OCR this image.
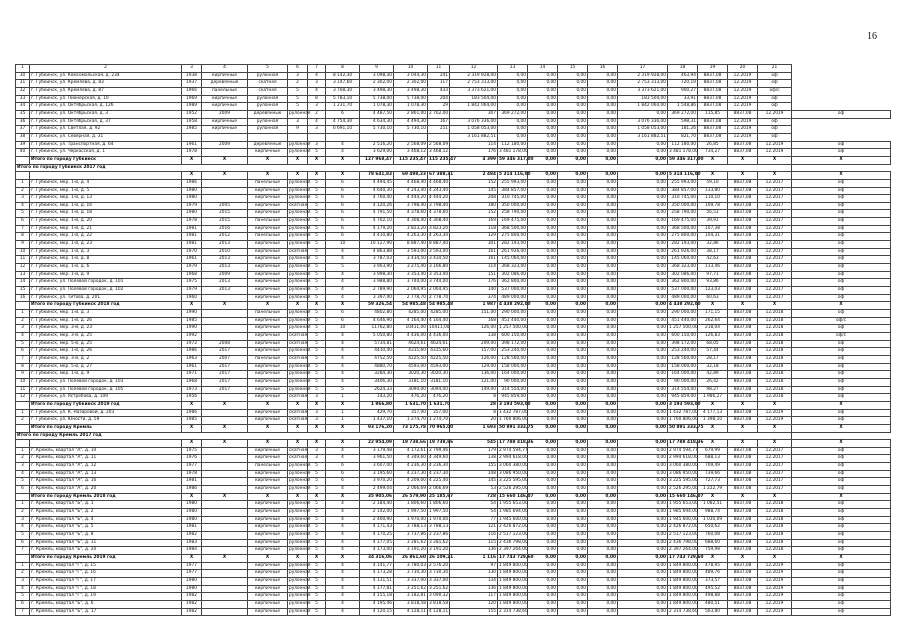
16
1	2	3	4	5	6	7	8	9	10	11	12	13	14	15	16	17	18	19	20	21	
30	г. Губкинск, ул. Комсомольская, д. 234	1938	кирпичные	рулонная	3	4	8 142,30	3 098,30	3 044,30	241	2 319 928,00	0,00	0,00	0,00	0,00	2 319 928,00	463,94	8837,08	12.2019	оф	
31	г. Губкинск, ул. Кремлева, д. 83	1937	деревянные	скатная	2	3	3 147,60	2 302,00	2 302,00	117	2 753 313,00	0,00	0,00	0,00	0,00	2 753 313,00	720,19	8837,08	12.2019	оф	
32	г. Губкинск, ул. Кремлева, д. 87	1966	панельные	скатная	5	4	3 708,30	3 498,30	3 498,30	433	3 373 621,00	0,00	0,00	0,00	0,00	3 373 621,00	900,27	8837,08	12.2019	оф/с	
33	г. Губкинск, ул. Пионерская, д. 10	1969	кирпичные	рулонная	5	8	5 783,10	5 738,00	5 738,00	204	183 504,00	0,00	0,00	0,00	0,00	183 504,00	33,91	8837,08	12.2019	оф	
34	г. Губкинск, ул. Октябрьская, д. 126	1989	кирпичные	рулонная	5	3	1 231,70	1 078,30	1 078,30	29	1 842 064,00	0,00	0,00	0,00	0,00	1 842 064,00	1 548,86	8837,08	12.2019	оф	
35	г. Губкинск, ул. Октябрьская, д. 3	1952	2009	деревянные	рулонная	2	6	4 487,50	2 861,00	2 762,00	307	369 272,00	0,00	0,00	0,00	0,00	369 272,00	115,85	8837,08	12.2019	оф
36	г. Губкинск, ул. Октябрьская, д. 37	1958	кирпичные	рулонная	3	4	4 754,30	4 634,30	4 494,30	167	3 076 336,00	0,00	0,00	0,00	0,00	3 076 336,00	598,31	8837,08	12.2019	оф	
37	г. Губкинск, ул. Светлая, д. 92	1985	кирпичные	рулонная	9	3	6 691,10	5 730,10	5 730,10	251	1 058 053,00	0,00	0,00	0,00	0,00	1 058 053,00	181,26	8837,08	12.2019	оф	
38	г. Губкинск, ул. Северная, д. 31										3 161 882,51	0,00	0,00	0,00	0,00	3 161 882,51	821,70	8837,08	12.2019	оф	
39	г. Губкинск, ул. Транспортная, д. 64	1961	2009	деревянные	рулонная	3	4	2 516,20	2 568,09	2 568,09	114	112 180,00	0,00	0,00	0,00	0,00	112 180,00	26,85	8837,08	12.2019	оф
40	г. Губкинск, ул. Черкасская, д. 1	1978		кирпичные	рулонная	5	4	3 629,00	3 468,12	3 468,12	176	3 481 178,00	0,00	0,00	0,00	0,00	3 481 178,00	734,27	8837,08	12.2019	оф
	Итого по городу Губкинск	X	X	X	X	X	X	127 968,47	115 235,47	115 235,47	4 399	59 346 317,00	0,00	0,00	0,00	0,00	59 346 317,00	X	X	X	X
Итого по городу Губкинск 2017 год																					
		X	X	X	X	X	X	78 641,83	69 498,23	67 388,31	2 484	5 314 116,00	0,00	0,00	0,00	0,00	5 314 116,00	X	X	X	X
1	г. Губкинск, мкр. 1-й, д. 4	1986		панельные	рулонная	5	6	4 494,45	4 468,40	4 468,40	152	255 993,00	0,00	0,00	0,00	0,00	255 993,00	59,10	8837,08	12.2017	оф
2	г. Губкинск, мкр. 1-й, д. 5	1980		кирпичные	рулонная	5	6	4 640,30	4 243,40	4 243,40	145	384 857,00	0,00	0,00	0,00	0,00	384 857,00	133,80	8837,08	12.2017	оф
3	г. Губкинск, мкр. 1-й, д. 13	1980		кирпичные	рулонная	5	6	4 760,40	4 444,20	4 444,20	208	310 745,00	0,00	0,00	0,00	0,00	310 745,00	110,10	8837,08	12.2017	оф
4	г. Губкинск, мкр. 1-й, д. 16	1979	2005	кирпичные	скатная	5	6	4 120,26	3 798,40	3 798,40	180	350 000,00	0,00	0,00	0,00	0,00	350 000,00	109,78	8837,08	12.2017	оф
5	г. Губкинск, мкр. 1-й, д. 18	1980	2015	кирпичные	рулонная	5	6	4 791,50	4 378,60	4 378,60	152	258 790,00	0,00	0,00	0,00	0,00	258 790,00	56,53	8837,08	12.2017	оф
6	г. Губкинск, мкр. 1-й, д. 20	1978	2015	панельные	рулонная	5	6	4 702,10	4 308,40	4 308,40	169	169 475,00	0,00	0,00	0,00	0,00	169 475,00	39,91	8837,08	12.2017	оф
7	г. Губкинск, мкр. 1-й, д. 21	1981	2016	кирпичные	рулонная	5	6	4 179,20	3 823,20	3 823,20	118	368 500,00	0,00	0,00	0,00	0,00	368 500,00	107,38	8837,08	12.2017	оф
8	г. Губкинск, мкр. 1-й, д. 22	1981	2012	панельные	рулонная	5	6	4 410,80	4 263,30	4 263,30	129	275 800,00	0,00	0,00	0,00	0,00	275 800,00	104,31	8837,08	12.2017	оф
9	г. Губкинск, мкр. 1-й, д. 23	1981	2013	кирпичные	рулонная	5	10	10 127,90	8 887,40	8 887,40	301	282 193,00	0,00	0,00	0,00	0,00	282 193,00	32,86	8837,08	12.2017	оф
10	г. Губкинск, мкр. 1-й, д. 3	1970	2010	кирпичные	скатная	5	4	4 863,88	3 593,00	3 593,00	161	261 926,00	0,00	0,00	0,00	0,00	261 926,00	38,17	8837,08	12.2017	оф
11	г. Губкинск, мкр. 1-й, д. 8	1961	2013	кирпичные	рулонная	5	4	3 787,03	3 434,50	3 434,50	161	145 060,00	0,00	0,00	0,00	0,00	145 060,00	42,63	8837,08	12.2017	оф
12	г. Губкинск, мкр. 1-й, д. 6	1979	2013	кирпичные	рулонная	5	5	3 903,90	3 275,40	3 166,80	114	368 323,00	0,00	0,00	0,00	0,00	368 323,00	113,46	8837,08	12.2017	оф
13	г. Губкинск, мкр. 1-й, д. 9	1968	2009	кирпичные	рулонная	5	4	3 998,30	3 353,40	3 353,40	151	302 086,00	0,00	0,00	0,00	0,00	302 086,00	97,71	8837,08	12.2017	оф
14	г. Губкинск, ул. Полевой городок, д. 101	1975	2013	кирпичные	рулонная	5	4	3 988,80	3 744,00	3 744,00	176	362 800,00	0,00	0,00	0,00	0,00	362 800,00	93,86	8837,08	12.2017	оф
15	г. Губкинск, ул. Полевой городок, д. 102	1979	2013	кирпичные	рулонная	5	4	2 789,90	2 064,95	2 064,95	140	537 000,00	0,00	0,00	0,00	0,00	537 000,00	123,03	8837,08	12.2017	оф
16	г. Губкинск, ул. Титова, д. 201	1960		кирпичные	рулонная	5	4	3 397,40	2 778,70	2 778,70	374	489 000,00	0,00	0,00	0,00	0,00	489 000,00	60,63	8837,08	12.2017	оф
	Итого по городу Губкинск 2018 год	X	X	X	X	X	X	59 326,54	54 985,48	54 985,48	1 987	4 438 292,00	0,00	0,00	0,00	0,00	4 438 292,00	X	X	X	X
1	г. Губкинск, мкр. 1-й, д. 3	1990		панельные	рулонная	5	6	4802,80	4285,00	4285,00	151,00	290 000,00	0,00	0,00	0,00	0,00	290 000,00	171,15	8837,08	12.2018	оф
2	г. Губкинск, мкр. 1-й, д. 26	1985		кирпичные	рулонная	5	6	4 646,90	4 164,40	4 164,40	168	451 440,00	0,00	0,00	0,00	0,00	451 440,00	262,64	8837,08	12.2018	оф/с
3	г. Губкинск, мкр. 3-й, д. 23	1990		кирпичные	рулонная	5	10	11762,80	10411,00	10411,00	126,00	1 257 500,00	0,00	0,00	0,00	0,00	1 257 500,00	218,04	8837,08	12.2018	оф
4	г. Губкинск, мкр. 3-й, д. 25	1992		кирпичные	скатная	5	4	5 050,80	4 436,00	4 436,00	138	600 150,00	0,00	0,00	0,00	0,00	600 150,00	126,83	8837,08	12.2018	оф/с
5	г. Губкинск, мкр. 5-й, д. 25	1972	2008	кирпичные	скатная	5	4	5734,81	4624,61	4624,61	209,00	398 172,00	0,00	0,00	0,00	0,00	398 172,00	68,05	8837,08	12.2018	оф
6	г. Губкинск, мкр. 1-й, д. 26	1986	2017	кирпичные	рулонная	5	4	4410,40	4315,60	4315,60	157,00	253 240,00	0,00	0,00	0,00	0,00	253 240,00	57,44	8837,08	12.2018	оф
7	г. Губкинск, мкр. 3-й, д. 2	1963	2007	панельные	скатная	5	4	4752,50	4225,50	4225,50	126,00	128 560,00	0,00	0,00	0,00	0,00	128 560,00	28,17	8837,08	12.2018	оф
8	г. Губкинск, мкр. 5-й, д. 27	1961	2017	кирпичные	рулонная	5	4	4880,70	4593,00	4593,00	129,00	158 000,00	0,00	0,00	0,00	0,00	158 000,00	32,18	8837,08	12.2018	оф
9	г. Губкинск, мкр. 1-й, д. 9	1971	2017	кирпичные	рулонная	5	4	3284,30	3020,30	3020,30	136,00	164 000,00	0,00	0,00	0,00	0,00	164 000,00	42,89	8837,08	12.2018	оф
10	г. Губкинск, ул. Полевой городок, д. 103	1968	2017	кирпичные	рулонная	5	4	3406,30	3181,10	3181,10	121,00	90 000,00	0,00	0,00	0,00	0,00	90 000,00	26,42	8837,08	12.2018	оф
11	г. Губкинск, ул. Полевой городок, д. 105	1973	2017	кирпичные	рулонная	5	5	2624,33	3094,00	3094,00	149,00	314 554,00	0,00	0,00	0,00	0,00	314 554,00	98,27	8837,08	12.2018	оф
12	г. Губкинск, ул. Ястребова, д. 109	1956		кирпичные	скатная	3	1	143,20	476,20	476,20	8	945 859,00	0,00	0,00	0,00	0,00	945 859,00	1 986,27	8837,08	12.2018	оф
	Итого по городу Губкинск 2019 год	X	X	X	X	X	X	1 866,80	1 631,70	1 631,70	28	3 193 593,00	0,00	0,00	0,00	0,00	3 193 593,00	X	X	X	X
1	г. Губкинск, ул. К. Назаровой, д. 203	1986		кирпичные	скатная	3	1	429,70	357,00	357,00	8	1 432 787,00	0,00	0,00	0,00	0,00	1 432 787,00	4 177,13	8837,08	12.2019	оф
2	г. Губкинск, ул. Юности, д. 59	1985		кирпичные	скатная	3	1	1 437,10	1 274,70	1 274,70	20	1 760 806,00	0,00	0,00	0,00	0,00	1 760 806,00	1 398,10	8837,08	12.2019	оф
	Итого по городу Кремль	X	X	X	X	X	X	93 176,20	73 175,78	70 965,00	1 693	50 891 333,75	0,00	0,00	0,00	0,00	50 891 333,75	X	X	X	X
Итого по городу Кремль 2017 год																					
		X	X	X	X	X	X	22 954,09	19 738,66	19 738,66	545	17 788 418,36	0,00	0,00	0,00	0,00	17 788 418,36	X	X	X	X
1	г. Кремль, квартал "А", д. 10	1975		кирпичные	скатная	3	4	3 179,48	4 172,61	2 799,46	179	2 974 594,77	0,00	0,00	0,00	0,00	2 974 594,77	679,99	8837,08	12.2017	оф
2	г. Кремль, квартал "А", д. 11	1976		кирпичные	скатная	3	4	3 961,50	4 349,60	4 349,60	138	2 994 618,00	0,00	0,00	0,00	0,00	2 994 618,00	688,13	8837,08	12.2017	оф
3	г. Кремль, квартал "А", д. 12	1977		панельные	рулонная	5	6	3 607,00	4 236,30	4 236,30	155	3 060 380,00	0,00	0,00	0,00	0,00	3 060 380,00	709,49	8837,08	12.2017	оф
4	г. Кремль, квартал "А", д. 13	1978		кирпичные	рулонная	5	6	3 195,60	4 237,30	4 237,30	148	3 086 950,00	0,00	0,00	0,00	0,00	3 086 950,00	739,66	8837,08	12.2017	оф
5	г. Кремль, квартал "А", д. 16	1981		кирпичные	рулонная	5	6	3 970,20	4 209,00	4 225,40	145	3 225 595,00	0,00	0,00	0,00	0,00	3 225 595,00	727,73	8837,08	12.2017	оф
6	г. Кремль, квартал "А", д. 20	1986		кирпичные	рулонная	5	4	2 499,04	2 066,69	2 066,69	53	2 526 295,00	0,00	0,00	0,00	0,00	2 526 295,00	1 222,79	8837,08	12.2017	оф
	Итого по городу Кремль 2018 год	X	X	X	X	X	X	35 905,06	26 579,90	25 185,67	728	15 660 146,07	0,00	0,00	0,00	0,00	15 660 146,07	X	X	X	X
1	г. Кремль, квартал "Б", д. 1	1980		кирпичные	рулонная	5	4	2 184,40	1 806,60	1 806,60	54	1 955 653,00	0,00	0,00	0,00	0,00	1 955 653,00	1 082,51	8837,08	12.2018	оф
2	г. Кремль, квартал "Б", д. 2	1980		кирпичные	рулонная	5	4	2 142,00	1 997,50	1 997,50	54	1 985 694,00	0,00	0,00	0,00	0,00	1 985 694,00	988,74	8837,08	12.2018	оф
3	г. Кремль, квартал "Б", д. 4	1980		кирпичные	рулонная	5	4	2 400,90	1 970,00	1 970,00	77	1 945 600,00	0,00	0,00	0,00	0,00	1 945 600,00	1 030,09	8837,08	12.2018	оф
4	г. Кремль, квартал "Б", д. 5	1981		кирпичные	рулонная	5	4	4 171,43	3 788,13	3 788,13	121	2 426 872,00	0,00	0,00	0,00	0,00	2 426 872,00	650,62	8837,08	12.2018	оф
5	г. Кремль, квартал "Б", д. 8	1982		кирпичные	рулонная	5	4	4 170,25	3 737,86	2 237,86	116	2 517 123,00	0,00	0,00	0,00	0,00	2 517 123,00	760,08	8837,08	12.2018	оф
6	г. Кремль, квартал "Б", д. 11	1983		кирпичные	рулонная	5	4	4 177,05	3 281,62	3 281,62	115	2 436 798,00	0,00	0,00	0,00	0,00	2 436 798,00	688,60	8837,08	12.2018	оф
7	г. Кремль, квартал "Б", д. 20	1984		кирпичные	рулонная	5	4	4 173,00	3 191,20	3 191,20	136	2 397 264,00	0,00	0,00	0,00	0,00	2 397 264,00	759,98	8837,08	12.2018	оф
	Итого по городу Кремль 2019 год	X	X	X	X	X	X	34 316,06	26 861,60	26 109,21	1 116	17 743 729,60	0,00	0,00	0,00	0,00	17 743 729,60	X	X	X	X
1	г. Кремль, квартал "Г", д. 15	1977		кирпичные	рулонная	5	4	4 141,77	3 780,03	2 576,20	97	1 849 800,00	0,00	0,00	0,00	0,00	1 849 800,00	478,95	8837,08	12.2019	оф
2	г. Кремль, квартал "Г", д. 16	1977		кирпичные	рулонная	5	4	4 173,28	3 730,30	3 730,30	130	1 849 800,00	0,00	0,00	0,00	0,00	1 849 800,00	489,76	8837,08	12.2019	оф
3	г. Кремль, квартал "Г", д. 17	1980		кирпичные	рулонная	5	4	4 131,51	3 337,00	3 337,00	134	1 849 800,00	0,00	0,00	0,00	0,00	1 849 800,00	373,57	8837,08	12.2019	оф
4	г. Кремль, квартал "Г", д. 18	1980		кирпичные	рулонная	5	4	4 177,81	3 251,62	3 251,62	136	1 849 800,00	0,00	0,00	0,00	0,00	1 849 800,00	495,52	8837,08	12.2019	оф
5	г. Кремль, квартал "Г", д. 19	1982		кирпичные	рулонная	5	4	4 155,18	3 182,81	3 090,32	117	1 849 800,00	0,00	0,00	0,00	0,00	1 849 800,00	498,88	8837,08	12.2019	оф
6	г. Кремль, квартал "Б", д. 6	1982		кирпичные	рулонная	5	4	4 195,46	3 818,58	3 818,58	120	1 849 800,00	0,00	0,00	0,00	0,00	1 849 800,00	480,51	8837,08	12.2019	оф
7	г. Кремль, квартал "Б", д. 17	1982		кирпичные	рулонная	5	4	4 120,15	4 128,11	4 128,11	155	2 314 738,60	0,00	0,00	0,00	0,00	2 314 738,60	563,80	8837,08	12.2019	оф
